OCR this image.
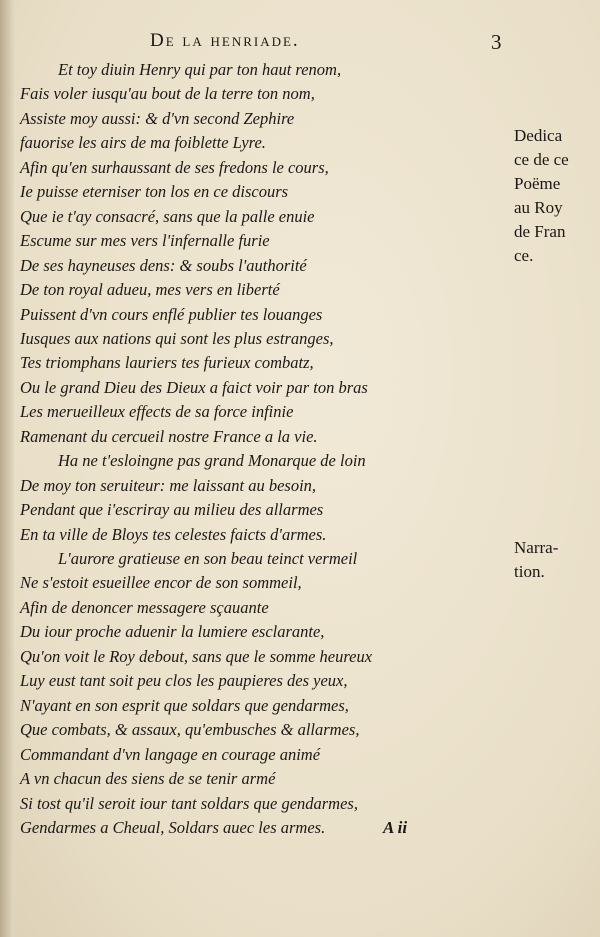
De la henriade.	3
Et toy diuin Henry qui par ton haut renom,
Fais voler iusqu'au bout de la terre ton nom,
Assiste moy aussi: & d'vn second Zephire
fauorise les airs de ma foiblette Lyre.
Afin qu'en surhaussant de ses fredons le cours,
Ie puisse eterniser ton los en ce discours
Que ie t'ay consacré, sans que la palle enuie
Escume sur mes vers l'infernalle furie
De ses hayneuses dens: & soubs l'authorité
De ton royal adueu, mes vers en liberté
Puissent d'vn cours enflé publier tes louanges
Iusques aux nations qui sont les plus estranges,
Tes triomphans lauriers tes furieux combatz,
Ou le grand Dieu des Dieux a faict voir par ton bras
Les merueilleux effects de sa force infinie
Ramenant du cercueil nostre France a la vie.
Ha ne t'esloingne pas grand Monarque de loin
De moy ton seruiteur: me laissant au besoin,
Pendant que i'escriray au milieu des allarmes
En ta ville de Bloys tes celestes faicts d'armes.
L'aurore gratieuse en son beau teinct vermeil
Ne s'estoit esueillee encor de son sommeil,
Afin de denoncer messagere sçauante
Du iour proche aduenir la lumiere esclarante,
Qu'on voit le Roy debout, sans que le somme heureux
Luy eust tant soit peu clos les paupieres des yeux,
N'ayant en son esprit que soldars que gendarmes,
Que combats, & assaux, qu'embusches & allarmes,
Commandant d'vn langage en courage animé
A vn chacun des siens de se tenir armé
Si tost qu'il seroit iour tant soldars que gendarmes,
Gendarmes a Cheual, Soldars auec les armes.
Dedica
ce de ce
Poëme
au Roy
de Fran
ce.
Narra-
tion.
A ii
